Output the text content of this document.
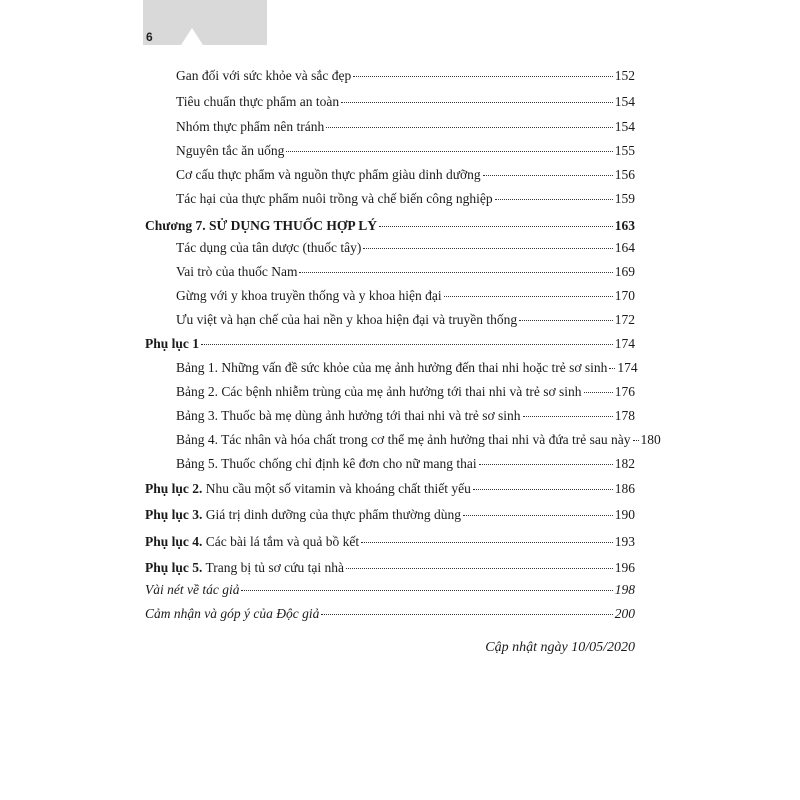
6
Gan đối với sức khỏe và sắc đẹp	152
Tiêu chuẩn thực phẩm an toàn	154
Nhóm thực phẩm nên tránh	154
Nguyên tắc ăn uống	155
Cơ cấu thực phẩm và nguồn thực phẩm giàu dinh dưỡng	156
Tác hại của thực phẩm nuôi trồng và chế biến công nghiệp	159
Chương 7. SỬ DỤNG THUỐC HỢP LÝ	163
Tác dụng của tân dược (thuốc tây)	164
Vai trò của thuốc Nam	169
Gừng với y khoa truyền thống và y khoa hiện đại	170
Ưu việt và hạn chế của hai nền y khoa hiện đại và truyền thống	172
Phụ lục 1	174
Bảng 1. Những vấn đề sức khỏe của mẹ ảnh hưởng đến thai nhi hoặc trẻ sơ sinh 174
Bảng 2. Các bệnh nhiễm trùng của mẹ ảnh hưởng tới thai nhi và trẻ sơ sinh 176
Bảng 3. Thuốc bà mẹ dùng ảnh hưởng tới thai nhi và trẻ sơ sinh	178
Bảng 4. Tác nhân và hóa chất trong cơ thể mẹ ảnh hưởng thai nhi và đứa trẻ sau này 180
Bảng 5. Thuốc chống chỉ định kê đơn cho nữ mang thai	182
Phụ lục 2. Nhu cầu một số vitamin và khoáng chất thiết yếu	186
Phụ lục 3. Giá trị dinh dưỡng của thực phẩm thường dùng	190
Phụ lục 4. Các bài lá tắm và quả bồ kết	193
Phụ lục 5. Trang bị tủ sơ cứu tại nhà	196
Vài nét về tác giả	198
Cảm nhận và góp ý của Độc giả	200
Cập nhật ngày 10/05/2020
